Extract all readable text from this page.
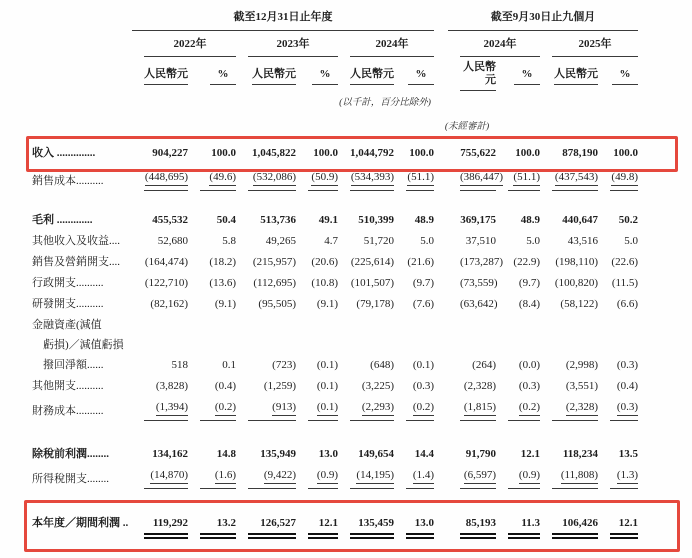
	截至12月31日止年度						截至9月30日止九個月			

	2022年		2023年		2024年		2024年		2025年	

	人民幣元	%	人民幣元	%	人民幣元	%	人民幣元	%	人民幣元	%
	(以千計，百分比除外)									
							(未經審計)			
收入 ..............	904,227	100.0	1,045,822	100.0	1,044,792	100.0	755,622	100.0	878,190	100.0

銷售成本..........	(448,695)	(49.6)	(532,086)	(50.9)	(534,393)	(51.1)	(386,447)	(51.1)	(437,543)	(49.8)

毛利 .............	455,532	50.4	513,736	49.1	510,399	48.9	369,175	48.9	440,647	50.2

其他收入及收益....	52,680	5.8	49,265	4.7	51,720	5.0	37,510	5.0	43,516	5.0

銷售及營銷開支....	(164,474)	(18.2)	(215,957)	(20.6)	(225,614)	(21.6)	(173,287)	(22.9)	(198,110)	(22.6)

行政開支..........	(122,710)	(13.6)	(112,695)	(10.8)	(101,507)	(9.7)	(73,559)	(9.7)	(100,820)	(11.5)

研發開支..........	(82,162)	(9.1)	(95,505)	(9.1)	(79,178)	(7.6)	(63,642)	(8.4)	(58,122)	(6.6)

金融資產(減值										
虧損)／減值虧損										
撥回淨額......	518	0.1	(723)	(0.1)	(648)	(0.1)	(264)	(0.0)	(2,998)	(0.3)

其他開支..........	(3,828)	(0.4)	(1,259)	(0.1)	(3,225)	(0.3)	(2,328)	(0.3)	(3,551)	(0.4)

財務成本..........	(1,394)	(0.2)	(913)	(0.1)	(2,293)	(0.2)	(1,815)	(0.2)	(2,328)	(0.3)

除稅前利潤........	134,162	14.8	135,949	13.0	149,654	14.4	91,790	12.1	118,234	13.5

所得稅開支........	(14,870)	(1.6)	(9,422)	(0.9)	(14,195)	(1.4)	(6,597)	(0.9)	(11,808)	(1.3)

本年度／期間利潤 ..	119,292	13.2	126,527	12.1	135,459	13.0	85,193	11.3	106,426	12.1
